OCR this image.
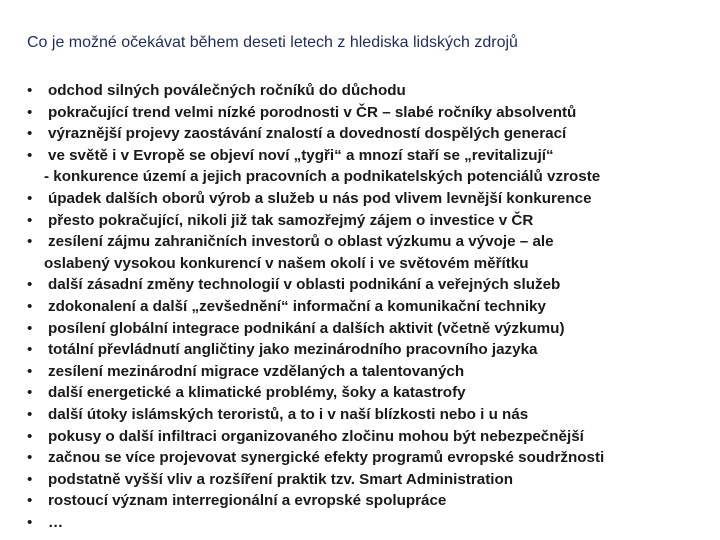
Co je možné očekávat během deseti letech z hlediska lidských zdrojů
• odchod silných poválečných ročníků do důchodu
• pokračující trend velmi nízké porodnosti v ČR – slabé ročníky absolventů
• výraznější projevy zaostávání znalostí a dovedností dospělých generací
• ve světě i v Evropě se objeví noví „tygři“ a mnozí staří se „revitalizují“
- konkurence území a jejich pracovních a podnikatelských potenciálů vzroste
• úpadek dalších oborů výrob a služeb u nás pod vlivem levnější konkurence
• přesto pokračující, nikoli již tak samozřejmý zájem o investice v ČR
• zesílení zájmu zahraničních investorů o oblast výzkumu a vývoje – ale
oslabený vysokou konkurencí v našem okolí i ve světovém měřítku
• další zásadní změny technologií v oblasti podnikání a veřejných služeb
• zdokonalení a další „zevšednění“ informační a komunikační techniky
• posílení globální integrace podnikání a dalších aktivit (včetně výzkumu)
• totální převládnutí angličtiny jako mezinárodního pracovního jazyka
• zesílení mezinárodní migrace vzdělaných a talentovaných
• další energetické a klimatické problémy, šoky a katastrofy
• další útoky islámských teroristů, a to i v naší blízkosti nebo i u nás
• pokusy o další infiltraci organizovaného zločinu mohou být nebezpečnější
• začnou se více projevovat synergické efekty programů evropské soudržnosti
• podstatně vyšší vliv a rozšíření praktik tzv. Smart Administration
• rostoucí význam interregionální a evropské spolupráce
• …
